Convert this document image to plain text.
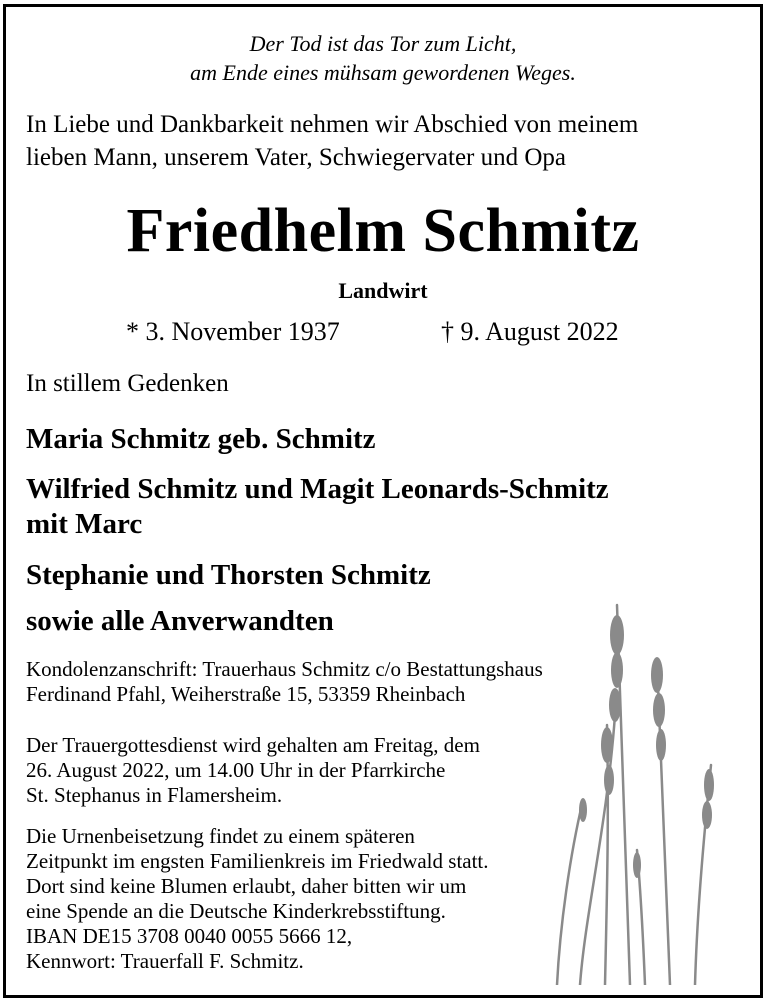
Der Tod ist das Tor zum Licht,
am Ende eines mühsam gewordenen Weges.
In Liebe und Dankbarkeit nehmen wir Abschied von meinem
lieben Mann, unserem Vater, Schwiegervater und Opa
Friedhelm Schmitz
Landwirt
* 3. November 1937	† 9. August 2022
In stillem Gedenken
Maria Schmitz geb. Schmitz
Wilfried Schmitz und Magit Leonards-Schmitz
mit Marc
Stephanie und Thorsten Schmitz
sowie alle Anverwandten
Kondolenzanschrift: Trauerhaus Schmitz c/o Bestattungshaus
Ferdinand Pfahl, Weiherstraße 15, 53359 Rheinbach
Der Trauergottesdienst wird gehalten am Freitag, dem
26. August 2022, um 14.00 Uhr in der Pfarrkirche
St. Stephanus in Flamersheim.
Die Urnenbeisetzung findet zu einem späteren
Zeitpunkt im engsten Familienkreis im Friedwald statt.
Dort sind keine Blumen erlaubt, daher bitten wir um
eine Spende an die Deutsche Kinderkrebsstiftung.
IBAN DE15 3708 0040 0055 5666 12,
Kennwort: Trauerfall F. Schmitz.
